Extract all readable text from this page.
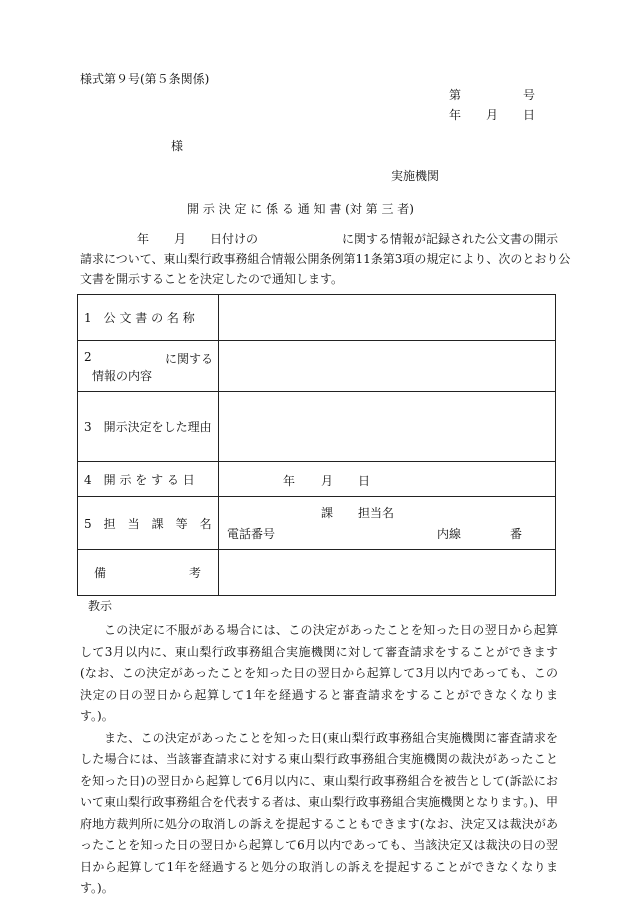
様式第９号(第５条関係)
第	号
年 月 日
様
実施機関
開 示 決 定 に 係 る 通 知 書 (対 第 三 者)
年 月 日付けの	に関する情報が記録された公文書の開示
請求について、東山梨行政事務組合情報公開条例第11条第3項の規定により、次のとおり公
文書を開示することを決定したので通知します。
1　公 文 書 の 名 称	

2 に関する
情報の内容	

3　開示決定をした理由	
4　開 示 を す る 日	年 月 日

5　担　当　課　等　名	課 担当名
電話番号 内線 番

備 考	

教示

この決定に不服がある場合には、この決定があったことを知った日の翌日から起算して3月以内に、東山梨行政事務組合実施機関に対して審査請求をすることができます(なお、この決定があったことを知った日の翌日から起算して3月以内であっても、この決定の日の翌日から起算して1年を経過すると審査請求をすることができなくなります。)。

また、この決定があったことを知った日(東山梨行政事務組合実施機関に審査請求をした場合には、当該審査請求に対する東山梨行政事務組合実施機関の裁決があったことを知った日)の翌日から起算して6月以内に、東山梨行政事務組合を被告として(訴訟において東山梨行政事務組合を代表する者は、東山梨行政事務組合実施機関となります。)、甲府地方裁判所に処分の取消しの訴えを提起することもできます(なお、決定又は裁決があったことを知った日の翌日から起算して6月以内であっても、当該決定又は裁決の日の翌日から起算して1年を経過すると処分の取消しの訴えを提起することができなくなります。)。
